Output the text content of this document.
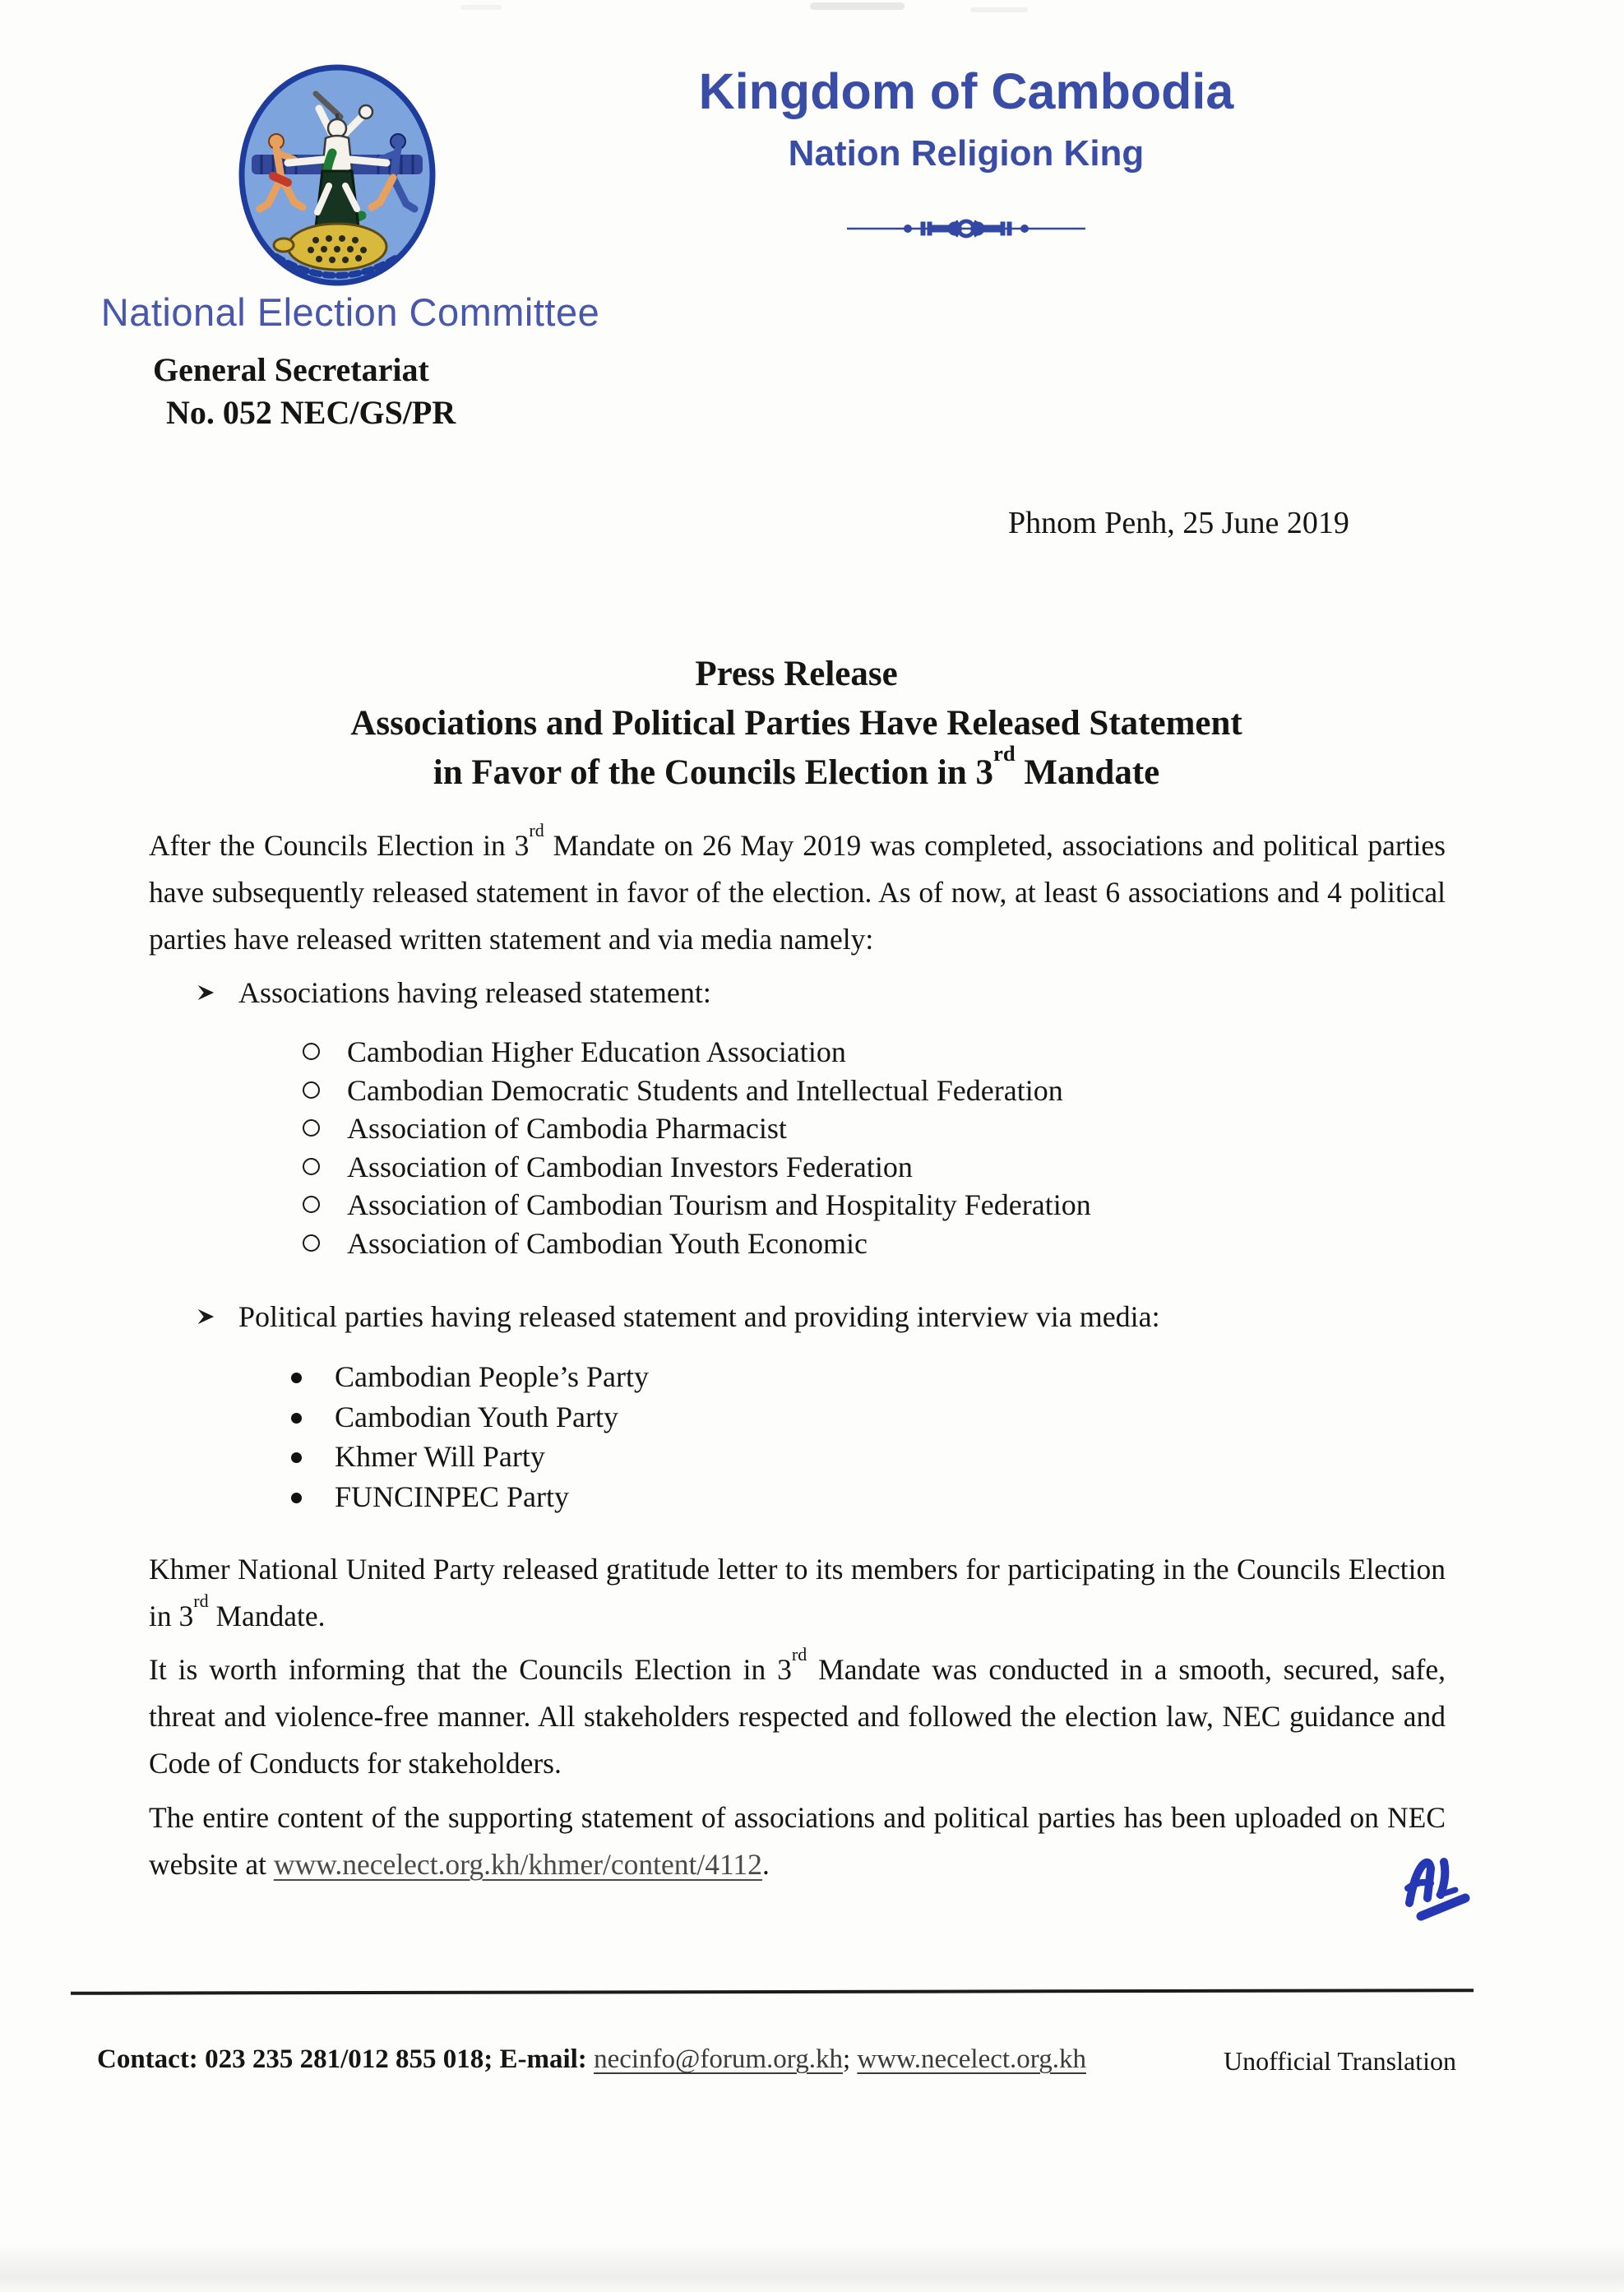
National Election Committee
General Secretariat
No. 052 NEC/GS/PR
Kingdom of Cambodia
Nation Religion King
Phnom Penh, 25 June 2019
Press Release
Associations and Political Parties Have Released Statement
in Favor of the Councils Election in 3rd Mandate
After the Councils Election in 3rd Mandate on 26 May 2019 was completed, associations and political parties have subsequently released statement in favor of the election. As of now, at least 6 associations and 4 political parties have released written statement and via media namely:
Associations having released statement:
Cambodian Higher Education Association
Cambodian Democratic Students and Intellectual Federation
Association of Cambodia Pharmacist
Association of Cambodian Investors Federation
Association of Cambodian Tourism and Hospitality Federation
Association of Cambodian Youth Economic
Political parties having released statement and providing interview via media:
Cambodian People’s Party
Cambodian Youth Party
Khmer Will Party
FUNCINPEC Party
Khmer National United Party released gratitude letter to its members for participating in the Councils Election in 3rd Mandate.
It is worth informing that the Councils Election in 3rd Mandate was conducted in a smooth, secured, safe, threat and violence-free manner. All stakeholders respected and followed the election law, NEC guidance and Code of Conducts for stakeholders.
The entire content of the supporting statement of associations and political parties has been uploaded on NEC website at www.necelect.org.kh/khmer/content/4112.
Contact: 023 235 281/012 855 018; E-mail: necinfo@forum.org.kh; www.necelect.org.kh	Unofficial Translation
